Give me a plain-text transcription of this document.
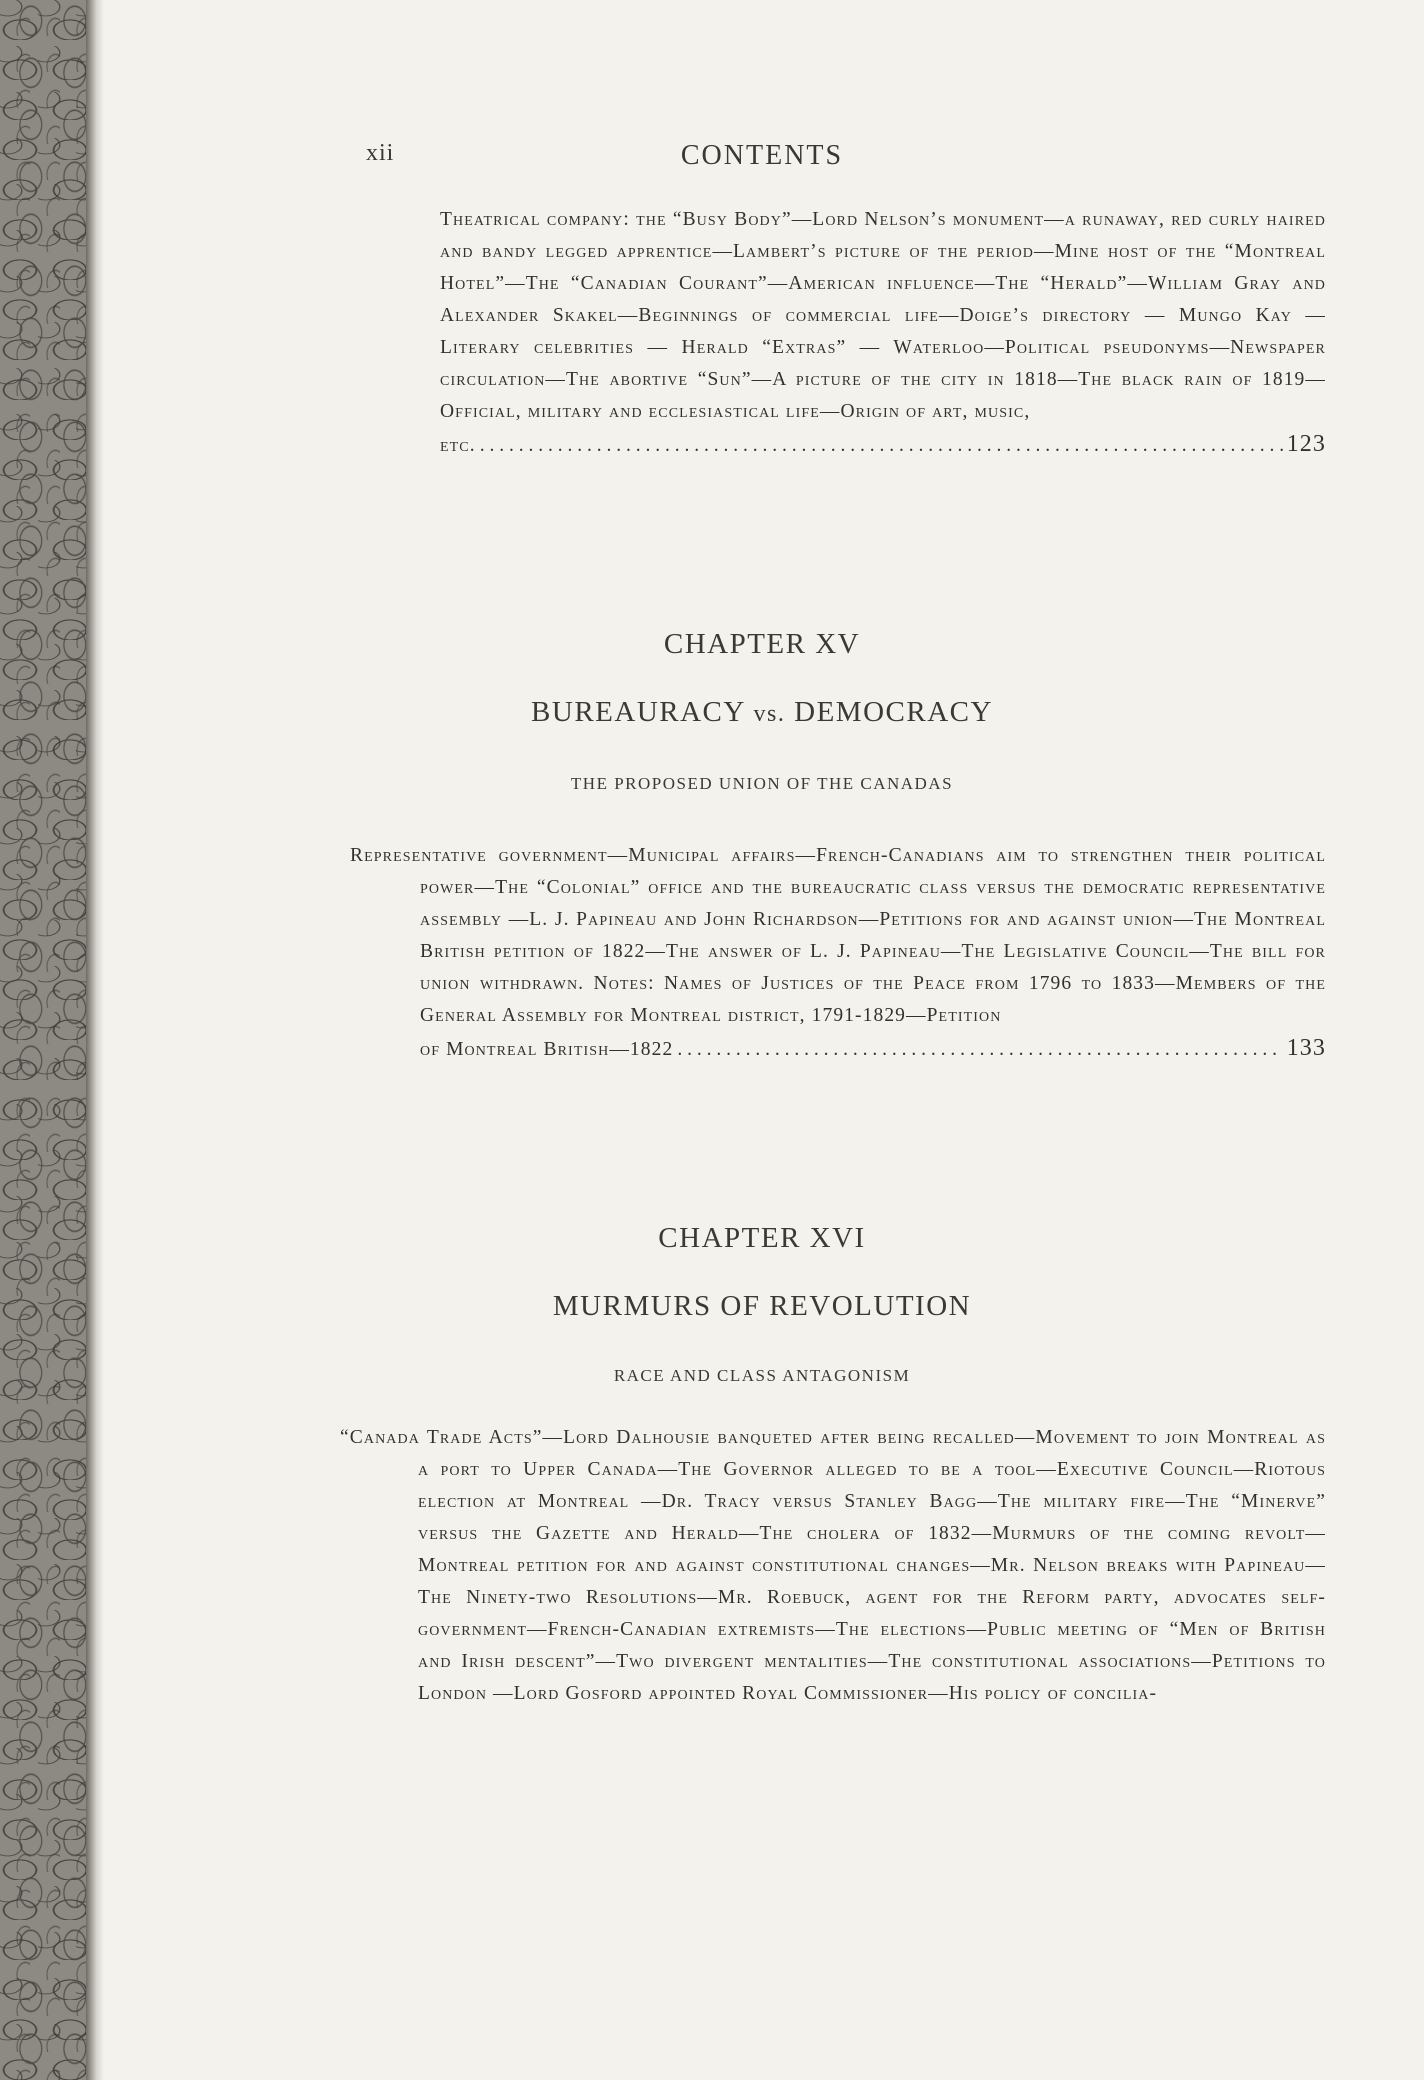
xii	CONTENTS
Theatrical company: the “Busy Body”—Lord Nelson’s monument—a runaway, red curly haired and bandy legged apprentice—Lambert’s picture of the period—Mine host of the “Montreal Hotel”—The “Canadian Courant”—American influence—The “Herald”—William Gray and Alexander Skakel—Beginnings of commercial life—Doige’s directory — Mungo Kay — Literary celebrities — Herald “Extras” — Waterloo—Political pseudonyms—Newspaper circulation—The abortive “Sun”—A picture of the city in 1818—The black rain of 1819—Official, military and ecclesiastical life—Origin of art, music,
etc. . . .	123
CHAPTER XV
BUREAURACY vs. DEMOCRACY
THE PROPOSED UNION OF THE CANADAS
Representative government—Municipal affairs—French-Canadians aim to strengthen their political power—The “Colonial” office and the bureaucratic class versus the democratic representative assembly —L. J. Papineau and John Richardson—Petitions for and against union—The Montreal British petition of 1822—The answer of L. J. Papineau—The Legislative Council—The bill for union withdrawn. Notes: Names of Justices of the Peace from 1796 to 1833—Members of the General Assembly for Montreal district, 1791-1829—Petition
of Montreal British—1822 . . .	133
CHAPTER XVI
MURMURS OF REVOLUTION
RACE AND CLASS ANTAGONISM
“Canada Trade Acts”—Lord Dalhousie banqueted after being recalled—Movement to join Montreal as a port to Upper Canada—The Governor alleged to be a tool—Executive Council—Riotous election at Montreal —Dr. Tracy versus Stanley Bagg—The military fire—The “Minerve” versus the Gazette and Herald—The cholera of 1832—Murmurs of the coming revolt—Montreal petition for and against constitutional changes—Mr. Nelson breaks with Papineau—The Ninety-two Resolutions—Mr. Roebuck, agent for the Reform party, advocates self-government—French-Canadian extremists—The elections—Public meeting of “Men of British and Irish descent”—Two divergent mentalities—The constitutional associations—Petitions to London —Lord Gosford appointed Royal Commissioner—His policy of concilia-
